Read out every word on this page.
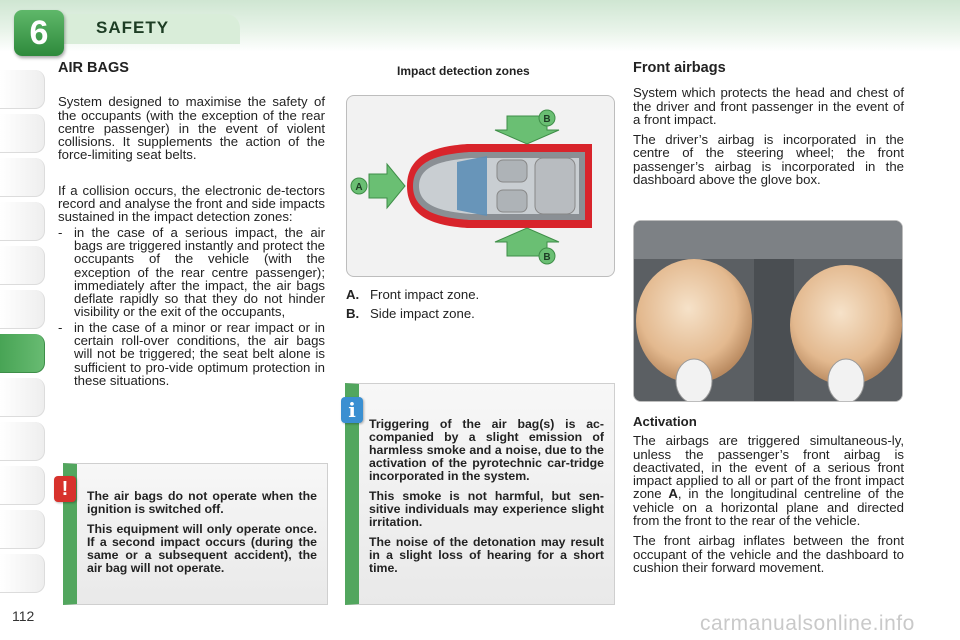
6	SAFETY
AIR BAGS

System designed to maximise the safety of the occupants (with the exception of the rear centre passenger) in the event of violent collisions. It supplements the action of the force-limiting seat belts.

If a collision occurs, the electronic de-tectors record and analyse the front and side impacts sustained in the impact detection zones:

- in the case of a serious impact, the air bags are triggered instantly and protect the occupants of the vehicle (with the exception of the rear centre passenger); immediately after the impact, the air bags deflate rapidly so that they do not hinder visibility or the exit of the occupants,
- in the case of a minor or rear impact or in certain roll-over conditions, the air bags will not be triggered; the seat belt alone is sufficient to pro-vide optimum protection in these situations.
Impact detection zones
B
B
A
A. Front impact zone.
B. Side impact zone.
Front airbags

System which protects the head and chest of the driver and front passenger in the event of a front impact.

The driver’s airbag is incorporated in the centre of the steering wheel; the front passenger’s airbag is incorporated in the dashboard above the glove box.

Activation

The airbags are triggered simultaneous-ly, unless the passenger’s front airbag is deactivated, in the event of a serious front impact applied to all or part of the front impact zone A, in the longitudinal centreline of the vehicle on a horizontal plane and directed from the front to the rear of the vehicle.

The front airbag inflates between the front occupant of the vehicle and the dashboard to cushion their forward movement.

The air bags do not operate when the ignition is switched off.

This equipment will only operate once. If a second impact occurs (during the same or a subsequent accident), the air bag will not operate.

!

Triggering of the air bag(s) is ac-companied by a slight emission of harmless smoke and a noise, due to the activation of the pyrotechnic car-tridge incorporated in the system.

This smoke is not harmful, but sen-sitive individuals may experience slight irritation.

The noise of the detonation may result in a slight loss of hearing for a short time.

i
112	carmanualsonline.info
